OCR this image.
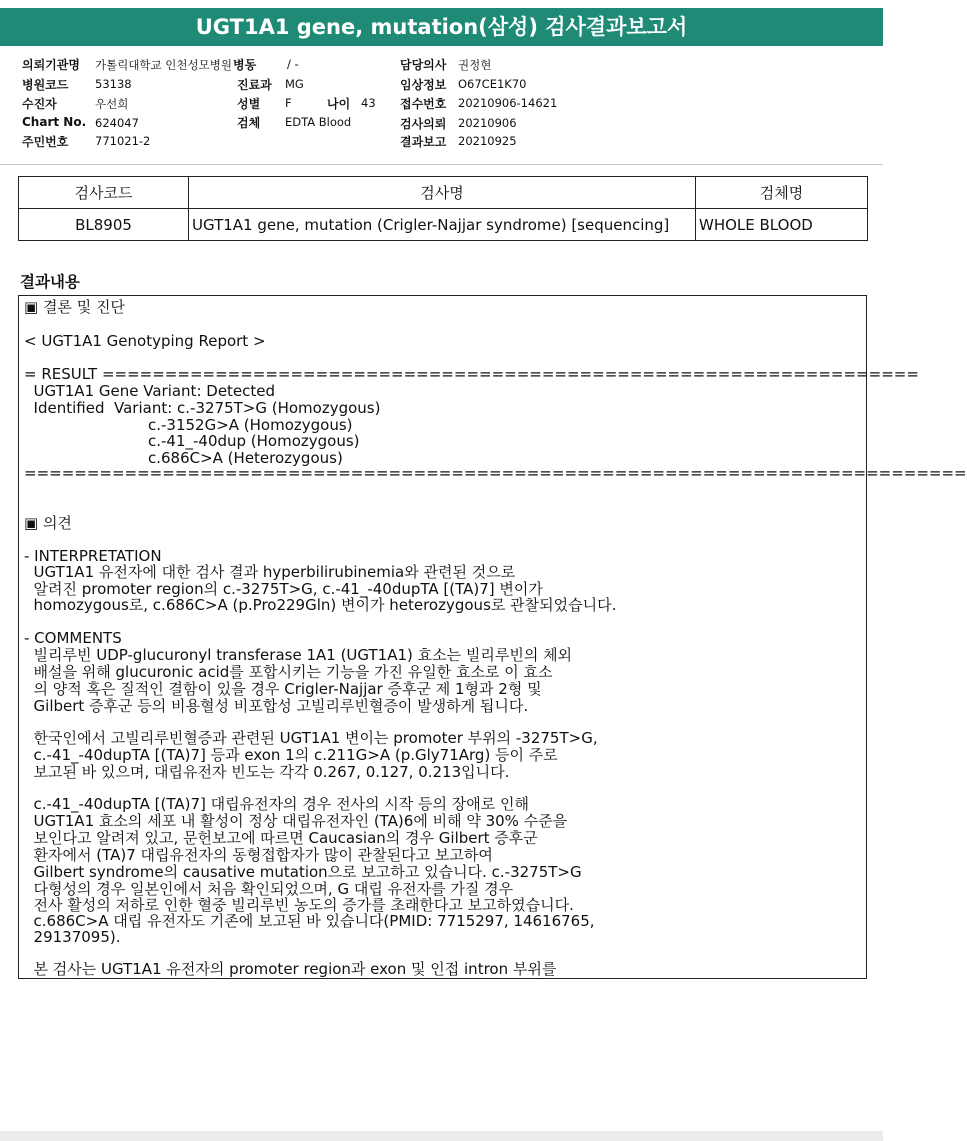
UGT1A1 gene, mutation(삼성) 검사결과보고서
의뢰기관명 가톨릭대학교 인천성모병원 병동	/ -	담당의사 권정현
병원코드 53138	진료과 MG	임상정보 O67CE1K70
수진자	우선희	성별 F	나이 43 접수번호 20210906-14621
Chart No. 624047	검체 EDTA Blood	검사의뢰 20210906
주민번호 771021-2	결과보고 20210925
검사코드	검사명	검체명
BL8905	UGT1A1 gene, mutation (Crigler-Najjar syndrome) [sequencing]	WHOLE BLOOD
결과내용
▣ 결론 및 진단
< UGT1A1 Genotyping Report >
= RESULT =================================================================
UGT1A1 Gene Variant: Detected
Identified  Variant: c.-3275T>G (Homozygous)
c.-3152G>A (Homozygous)
c.-41_-40dup (Homozygous)
c.686C>A (Heterozygous)
===========================================================================
▣ 의견
- INTERPRETATION
UGT1A1 유전자에 대한 검사 결과 hyperbilirubinemia와 관련된 것으로
알려진 promoter region의 c.-3275T>G, c.-41_-40dupTA [(TA)7] 변이가
homozygous로, c.686C>A (p.Pro229Gln) 변이가 heterozygous로 관찰되었습니다.
- COMMENTS
빌리루빈 UDP-glucuronyl transferase 1A1 (UGT1A1) 효소는 빌리루빈의 체외
배설을 위해 glucuronic acid를 포합시키는 기능을 가진 유일한 효소로 이 효소
의 양적 혹은 질적인 결함이 있을 경우 Crigler-Najjar 증후군 제 1형과 2형 및
Gilbert 증후군 등의 비용혈성 비포합성 고빌리루빈혈증이 발생하게 됩니다.
한국인에서 고빌리루빈혈증과 관련된 UGT1A1 변이는 promoter 부위의 -3275T>G,
c.-41_-40dupTA [(TA)7] 등과 exon 1의 c.211G>A (p.Gly71Arg) 등이 주로
보고된 바 있으며, 대립유전자 빈도는 각각 0.267, 0.127, 0.213입니다.
c.-41_-40dupTA [(TA)7] 대립유전자의 경우 전사의 시작 등의 장애로 인해
UGT1A1 효소의 세포 내 활성이 정상 대립유전자인 (TA)6에 비해 약 30% 수준을
보인다고 알려져 있고, 문헌보고에 따르면 Caucasian의 경우 Gilbert 증후군
환자에서 (TA)7 대립유전자의 동형접합자가 많이 관찰된다고 보고하여
Gilbert syndrome의 causative mutation으로 보고하고 있습니다. c.-3275T>G
다형성의 경우 일본인에서 처음 확인되었으며, G 대립 유전자를 가질 경우
전사 활성의 저하로 인한 혈중 빌리루빈 농도의 증가를 초래한다고 보고하였습니다.
c.686C>A 대립 유전자도 기존에 보고된 바 있습니다(PMID: 7715297, 14616765,
29137095).
본 검사는 UGT1A1 유전자의 promoter region과 exon 및 인접 intron 부위를
